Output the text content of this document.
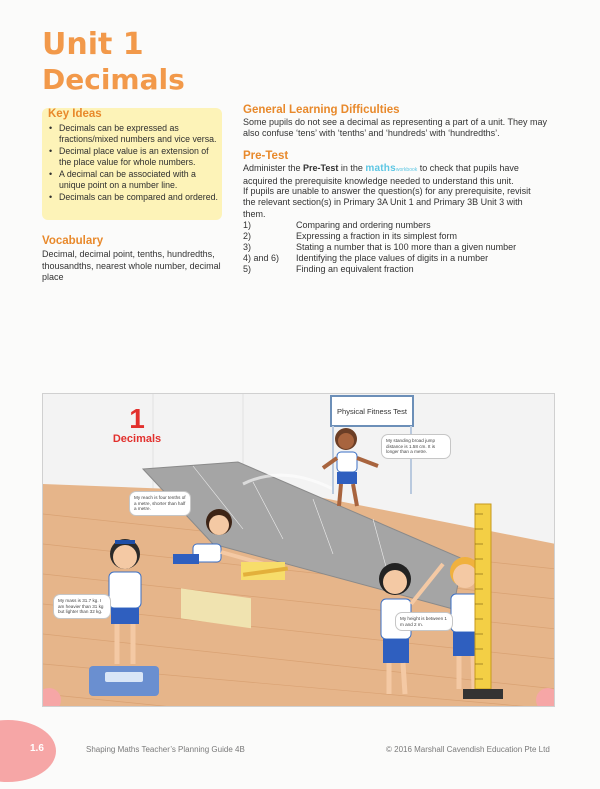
Unit 1
Decimals
Key Ideas
• Decimals can be expressed as fractions/mixed numbers and vice versa.
• Decimal place value is an extension of the place value for whole numbers.
• A decimal can be associated with a unique point on a number line.
• Decimals can be compared and ordered.
Vocabulary
Decimal, decimal point, tenths, hundredths, thousandths, nearest whole number, decimal place
General Learning Difficulties
Some pupils do not see a decimal as representing a part of a unit. They may also confuse ‘tens’ with ‘tenths’ and ‘hundreds’ with ‘hundredths’.
Pre-Test
Administer the Pre-Test in the mathsworkbook to check that pupils have acquired the prerequisite knowledge needed to understand this unit.
If pupils are unable to answer the question(s) for any prerequisite, revisit the relevant section(s) in Primary 3A Unit 1 and Primary 3B Unit 3 with them.
1)	Comparing and ordering numbers
2)	Expressing a fraction in its simplest form
3)	Stating a number that is 100 more than a given number
4) and 6)	Identifying the place values of digits in a number
5)	Finding an equivalent fraction
1
Decimals
Physical Fitness Test
My standing broad jump distance is 1.58 cm. It is longer than a metre.
My reach is four tenths of a metre, shorter than half a metre.
My mass is 31.7 kg. I am heavier than 31 kg but lighter than 32 kg.
My height is between 1 m and 2 m.
1.6	Shaping Maths Teacher’s Planning Guide 4B	© 2016 Marshall Cavendish Education Pte Ltd
